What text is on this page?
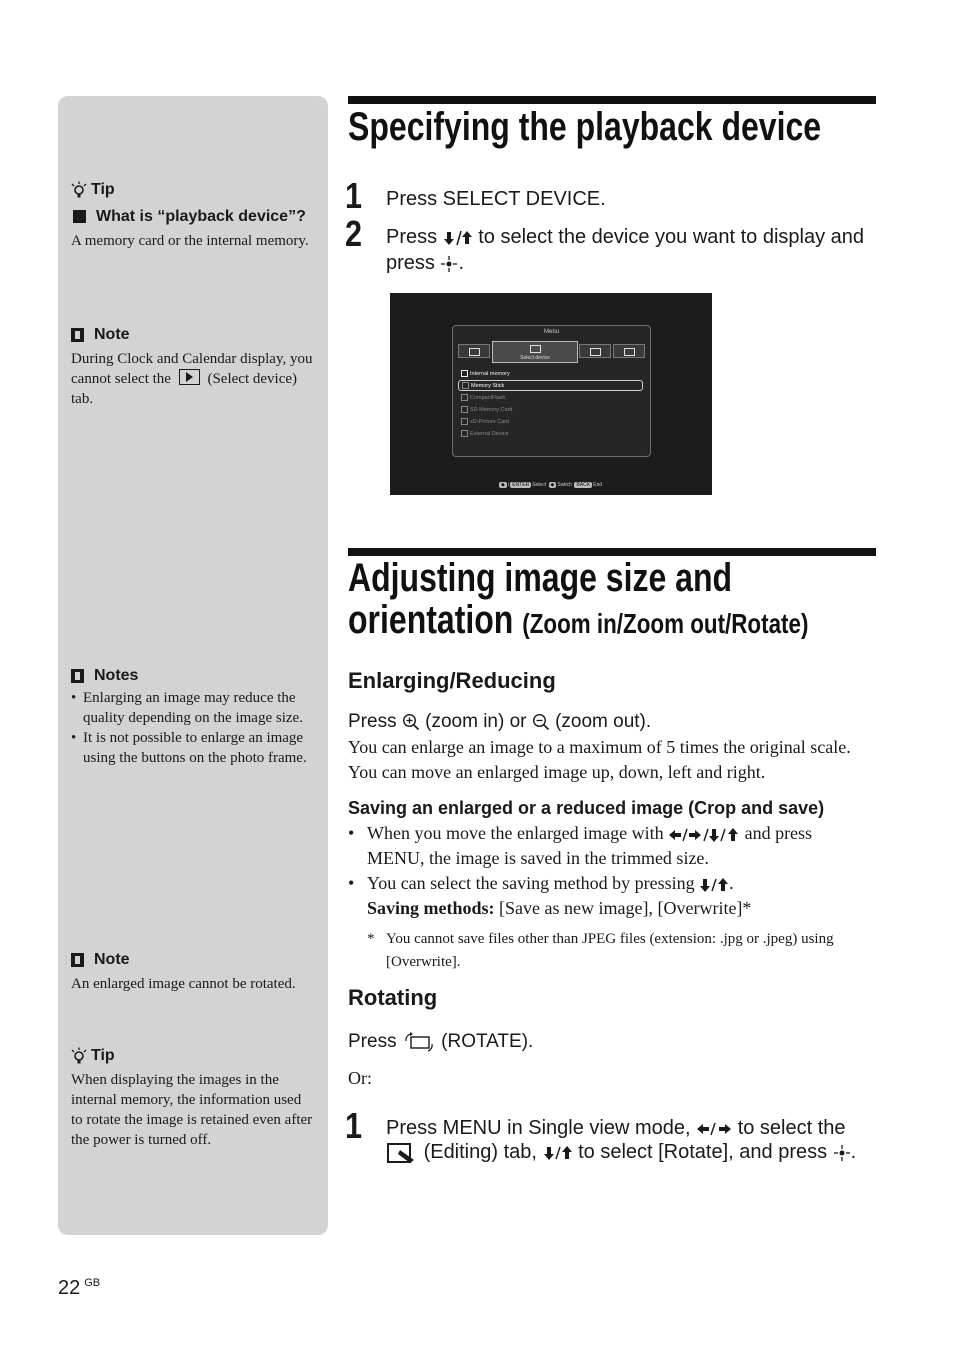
Tip
What is “playback device”?
A memory card or the internal memory.
Note
During Clock and Calendar display, you cannot select the (Select device) tab.
Notes
• Enlarging an image may reduce the quality depending on the image size.
• It is not possible to enlarge an image using the buttons on the photo frame.
Note
An enlarged image cannot be rotated.
Tip
When displaying the images in the internal memory, the information used to rotate the image is retained even after the power is turned off.
Specifying the playback device
1 Press SELECT DEVICE.
2 Press to select the device you want to display and press .
Menu
Select device
Internal memory
Memory Stick
CompactFlash
SD Memory Card
xD-Picture Card
External Device
◆ / ENTER Select ◆ Switch BACK End
Adjusting image size and
orientation (Zoom in/Zoom out/Rotate)
Enlarging/Reducing
Press (zoom in) or (zoom out).
You can enlarge an image to a maximum of 5 times the original scale. You can move an enlarged image up, down, left and right.
Saving an enlarged or a reduced image (Crop and save)
• When you move the enlarged image with	and press MENU, the image is saved in the trimmed size.
• You can select the saving method by pressing .
Saving methods: [Save as new image], [Overwrite]*
* You cannot save files other than JPEG files (extension: .jpg or .jpeg) using [Overwrite].
Rotating
Press (ROTATE).
Or:
1 Press MENU in Single view mode, to select the
(Editing) tab, to select [Rotate], and press .
22 $^{GB}$
